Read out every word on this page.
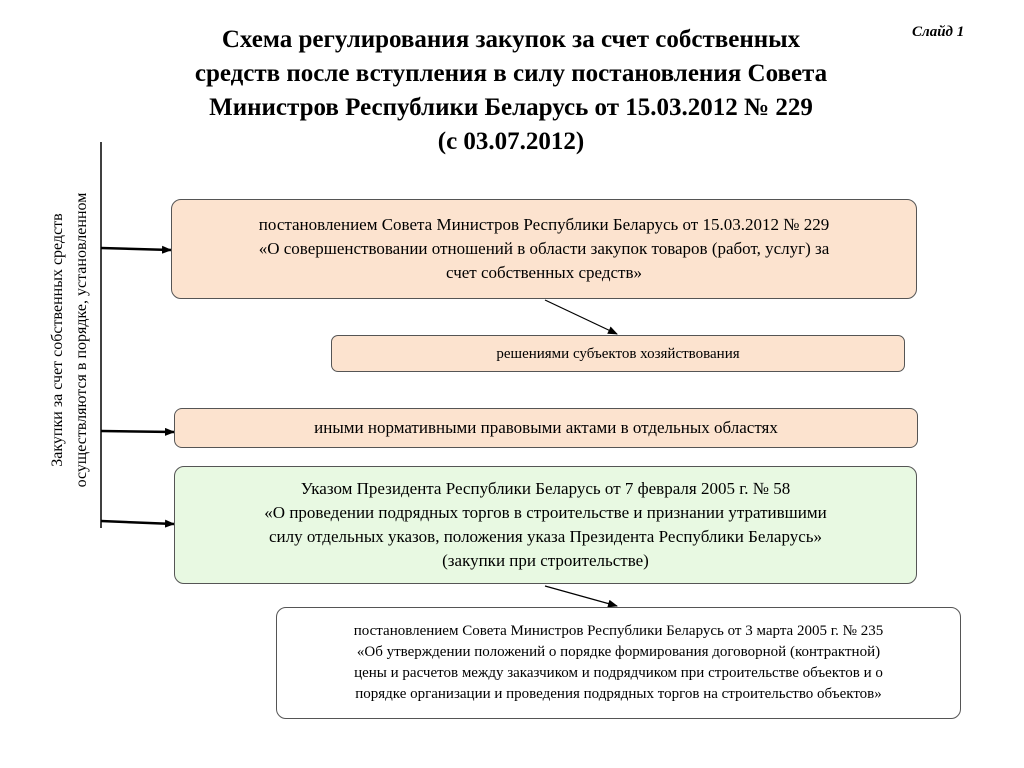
Слайд 1
Схема регулирования закупок за счет собственных
средств после вступления в силу постановления Совета
Министров Республики Беларусь от 15.03.2012 № 229
(с 03.07.2012)
Закупки за счет собственных средств осуществляются в порядке, установленном	постановлением Совета Министров Республики Беларусь от 15.03.2012 № 229
«О совершенствовании отношений в области закупок товаров (работ, услуг) за
счет собственных средств»
решениями субъектов хозяйствования
иными нормативными правовыми актами в отдельных областях
Указом Президента Республики Беларусь от 7 февраля 2005 г. № 58
«О проведении подрядных торгов в строительстве и признании утратившими
силу отдельных указов, положения указа Президента Республики Беларусь»
(закупки при строительстве)
постановлением Совета Министров Республики Беларусь от 3 марта 2005 г. № 235
«Об утверждении положений о порядке формирования договорной (контрактной)
цены и расчетов между заказчиком и подрядчиком при строительстве объектов и о
порядке организации и проведения подрядных торгов на строительство объектов»
